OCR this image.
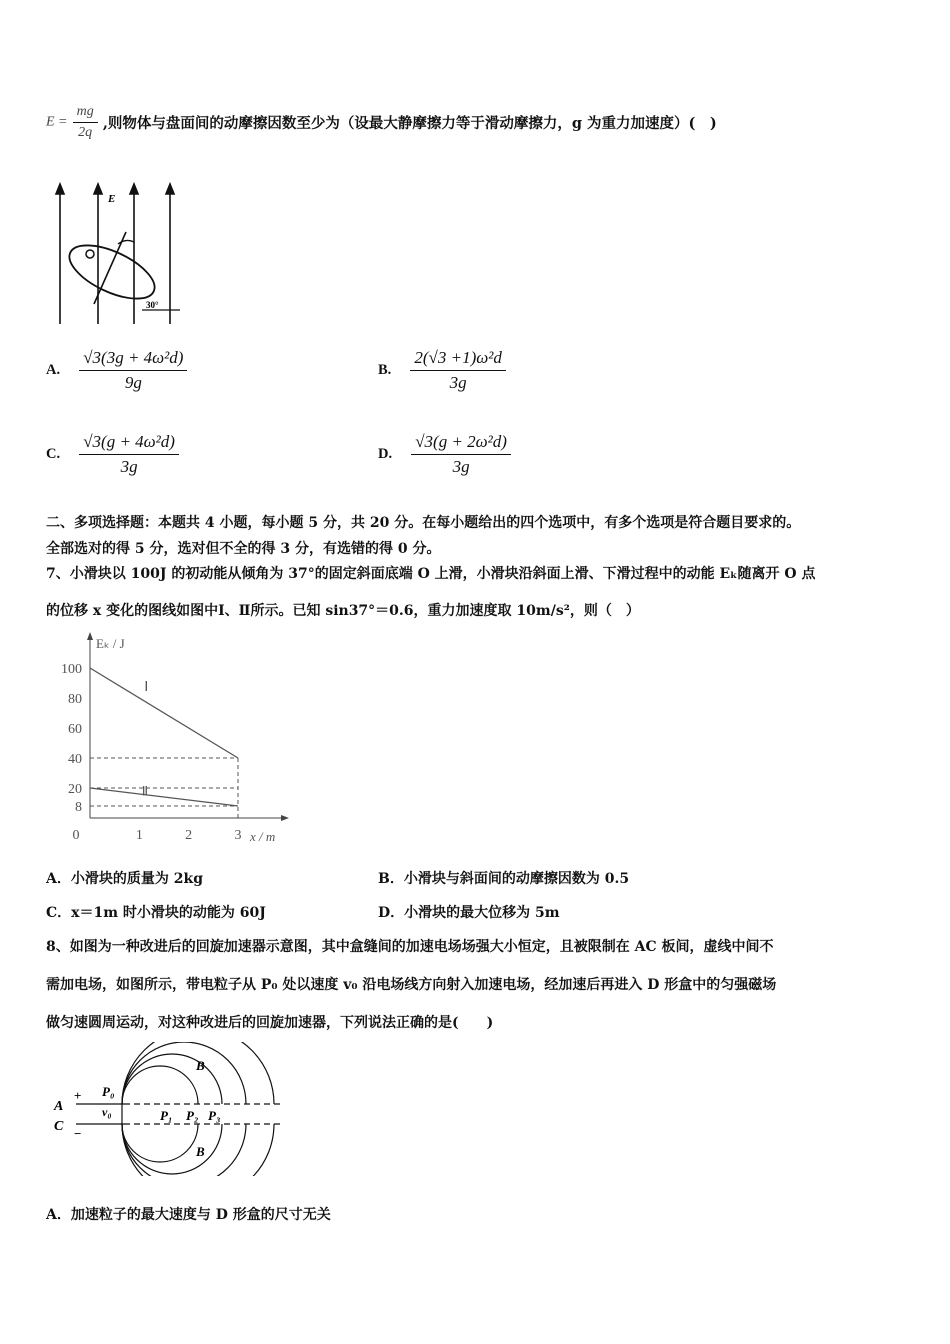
$E = \frac{mg}{2q}$ ,则物体与盘面间的动摩擦因数至少为（设最大静摩擦力等于滑动摩擦力，g 为重力加速度）(　)
E
30°
A. $\frac{\text{√3(3g + 4ω²d)}}{9g}$	B. $\frac{\text{2(√3 +1)ω²d}}{3g}$
C. $\frac{\text{√3(g + 4ω²d)}}{3g}$	D. $\frac{\text{√3(g + 2ω²d)}}{3g}$
二、多项选择题：本题共 4 小题，每小题 5 分，共 20 分。在每小题给出的四个选项中，有多个选项是符合题目要求的。
全部选对的得 5 分，选对但不全的得 3 分，有选错的得 0 分。
7、小滑块以 100J 的初动能从倾角为 37°的固定斜面底端 O 上滑，小滑块沿斜面上滑、下滑过程中的动能 Eₖ随离开 O 点
的位移 x 变化的图线如图中Ⅰ、Ⅱ所示。已知 sin37°＝0.6，重力加速度取 10m/s²，则（　）
Eₖ / J
x / m
8
20
40
60
80
100
0	1	2	3
Ⅰ
Ⅱ
A．小滑块的质量为 2kg	B．小滑块与斜面间的动摩擦因数为 0.5
C．x＝1m 时小滑块的动能为 60J	D．小滑块的最大位移为 5m
8、如图为一种改进后的回旋加速器示意图，其中盒缝间的加速电场场强大小恒定，且被限制在 AC 板间，虚线中间不
需加电场，如图所示，带电粒子从 P₀ 处以速度 v₀ 沿电场线方向射入加速电场，经加速后再进入 D 形盒中的匀强磁场
做匀速圆周运动，对这种改进后的回旋加速器，下列说法正确的是(　　)
A
C
+
−
P₀
v₀	P₁ P₂ P₃
B
B
A．加速粒子的最大速度与 D 形盒的尺寸无关
